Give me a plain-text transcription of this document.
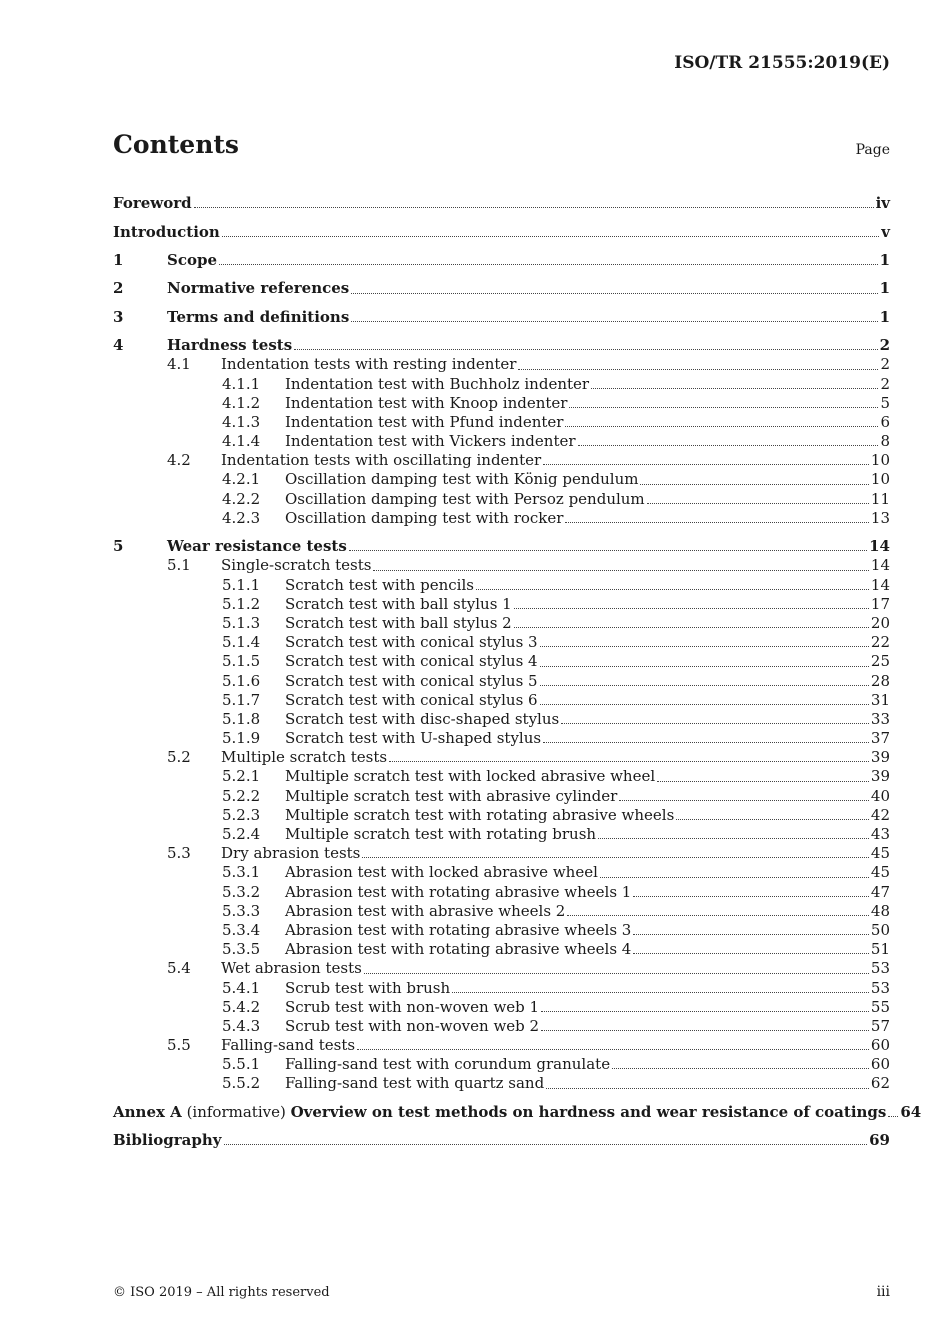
ISO/TR 21555:2019(E)
Contents	Page
Foreword	iv
Introduction	v
1	Scope	1
2	Normative references	1
3	Terms and definitions	1
4	Hardness tests	2
4.1 Indentation tests with resting indenter	2
4.1.1 Indentation test with Buchholz indenter	2
4.1.2 Indentation test with Knoop indenter	5
4.1.3 Indentation test with Pfund indenter	6
4.1.4 Indentation test with Vickers indenter	8
4.2 Indentation tests with oscillating indenter	10
4.2.1 Oscillation damping test with König pendulum	10
4.2.2 Oscillation damping test with Persoz pendulum	11
4.2.3 Oscillation damping test with rocker	13
5	Wear resistance tests	14
5.1 Single-scratch tests	14
5.1.1 Scratch test with pencils	14
5.1.2 Scratch test with ball stylus 1	17
5.1.3 Scratch test with ball stylus 2	20
5.1.4 Scratch test with conical stylus 3	22
5.1.5 Scratch test with conical stylus 4	25
5.1.6 Scratch test with conical stylus 5	28
5.1.7 Scratch test with conical stylus 6	31
5.1.8 Scratch test with disc-shaped stylus	33
5.1.9 Scratch test with U-shaped stylus	37
5.2 Multiple scratch tests	39
5.2.1 Multiple scratch test with locked abrasive wheel	39
5.2.2 Multiple scratch test with abrasive cylinder	40
5.2.3 Multiple scratch test with rotating abrasive wheels	42
5.2.4 Multiple scratch test with rotating brush	43
5.3 Dry abrasion tests	45
5.3.1 Abrasion test with locked abrasive wheel	45
5.3.2 Abrasion test with rotating abrasive wheels 1	47
5.3.3 Abrasion test with abrasive wheels 2	48
5.3.4 Abrasion test with rotating abrasive wheels 3	50
5.3.5 Abrasion test with rotating abrasive wheels 4	51
5.4 Wet abrasion tests	53
5.4.1 Scrub test with brush	53
5.4.2 Scrub test with non-woven web 1	55
5.4.3 Scrub test with non-woven web 2	57
5.5 Falling-sand tests	60
5.5.1 Falling-sand test with corundum granulate	60
5.5.2 Falling-sand test with quartz sand	62
Annex A (informative) Overview on test methods on hardness and wear resistance of coatings 64
Bibliography	69
© ISO 2019 – All rights reserved	iii
